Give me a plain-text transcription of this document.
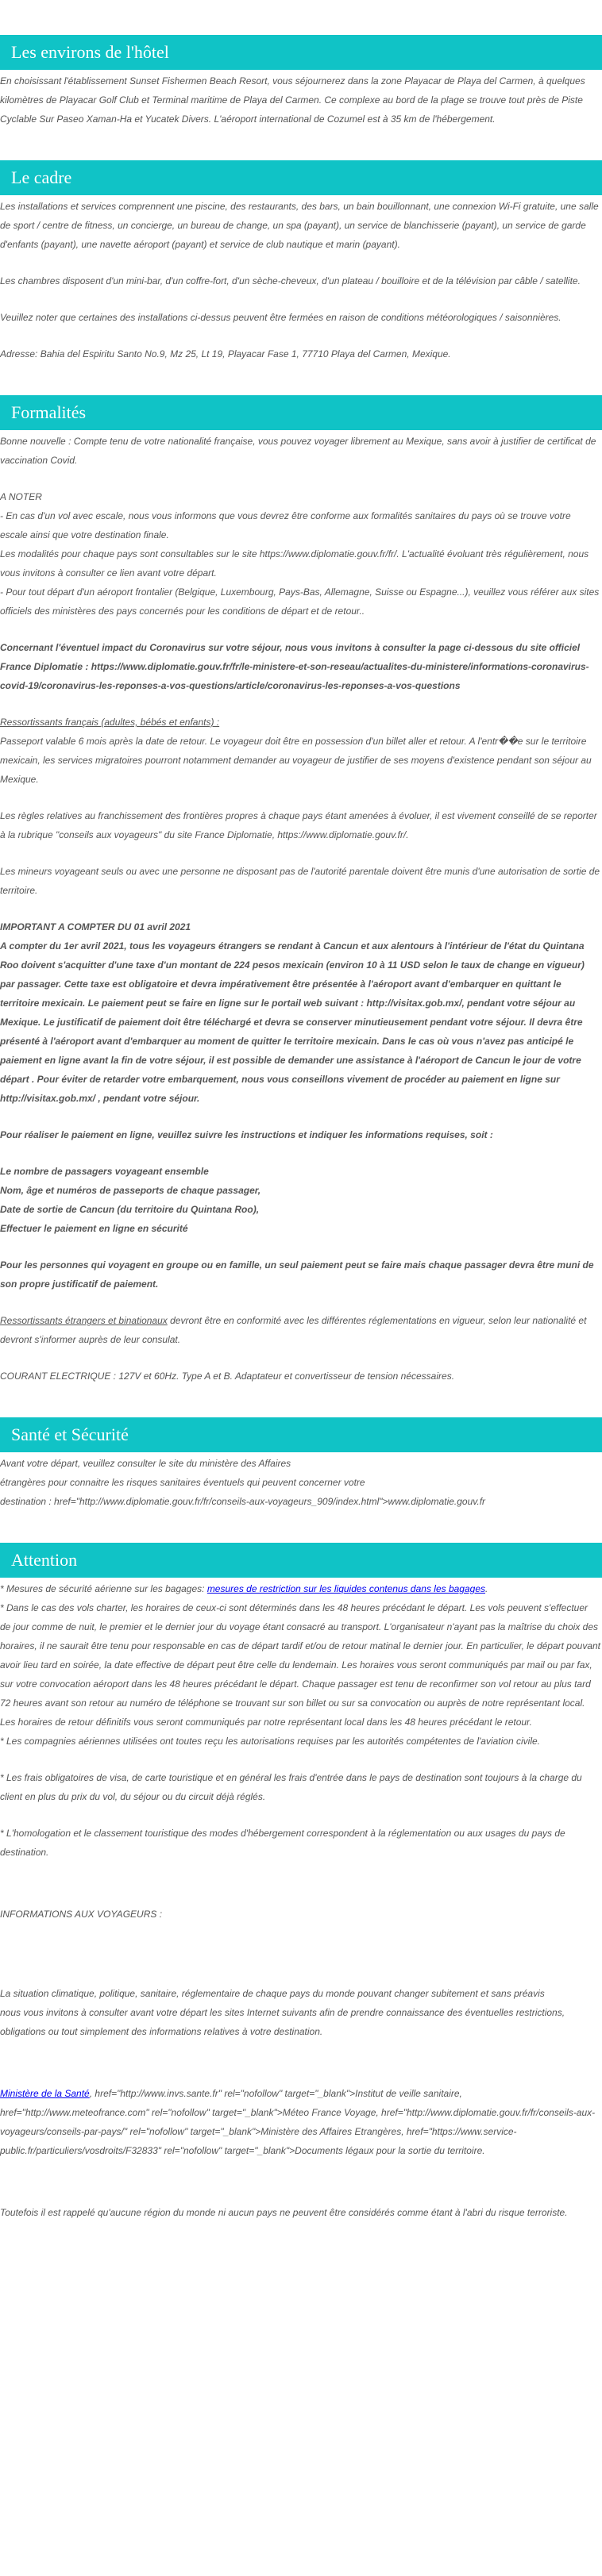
Les environs de l'hôtel

En choisissant l'établissement Sunset Fishermen Beach Resort, vous séjournerez dans la zone Playacar de Playa del Carmen, à quelques kilomètres de Playacar Golf Club et Terminal maritime de Playa del Carmen. Ce complexe au bord de la plage se trouve tout près de Piste Cyclable Sur Paseo Xaman-Ha et Yucatek Divers. L'aéroport international de Cozumel est à 35 km de l'hébergement.

Le cadre

Les installations et services comprennent une piscine, des restaurants, des bars, un bain bouillonnant, une connexion Wi-Fi gratuite, une salle de sport / centre de fitness, un concierge, un bureau de change, un spa (payant), un service de blanchisserie (payant), un service de garde d'enfants (payant), une navette aéroport (payant) et service de club nautique et marin (payant).

Les chambres disposent d'un mini-bar, d'un coffre-fort, d'un sèche-cheveux, d'un plateau / bouilloire et de la télévision par câble / satellite.

Veuillez noter que certaines des installations ci-dessus peuvent être fermées en raison de conditions météorologiques / saisonnières.

Adresse: Bahia del Espiritu Santo No.9, Mz 25, Lt 19, Playacar Fase 1, 77710 Playa del Carmen, Mexique.

Formalités

Bonne nouvelle : Compte tenu de votre nationalité française, vous pouvez voyager librement au Mexique, sans avoir à justifier de certificat de vaccination Covid.

A NOTER

- En cas d'un vol avec escale, nous vous informons que vous devrez être conforme aux formalités sanitaires du pays où se trouve votre escale ainsi que votre destination finale.

Les modalités pour chaque pays sont consultables sur le site https://www.diplomatie.gouv.fr/fr/. L'actualité évoluant très régulièrement, nous vous invitons à consulter ce lien avant votre départ.

- Pour tout départ d'un aéroport frontalier (Belgique, Luxembourg, Pays-Bas, Allemagne, Suisse ou Espagne...), veuillez vous référer aux sites officiels des ministères des pays concernés pour les conditions de départ et de retour..

Concernant l'éventuel impact du Coronavirus sur votre séjour, nous vous invitons à consulter la page ci-dessous du site officiel France Diplomatie : https://www.diplomatie.gouv.fr/fr/le-ministere-et-son-reseau/actualites-du-ministere/informations-coronavirus-covid-19/coronavirus-les-reponses-a-vos-questions/article/coronavirus-les-reponses-a-vos-questions

Ressortissants français (adultes, bébés et enfants) :

Passeport valable 6 mois après la date de retour. Le voyageur doit être en possession d'un billet aller et retour. A l'entr��e sur le territoire mexicain, les services migratoires pourront notamment demander au voyageur de justifier de ses moyens d'existence pendant son séjour au Mexique.

Les règles relatives au franchissement des frontières propres à chaque pays étant amenées à évoluer, il est vivement conseillé de se reporter à la rubrique "conseils aux voyageurs" du site France Diplomatie, https://www.diplomatie.gouv.fr/.

Les mineurs voyageant seuls ou avec une personne ne disposant pas de l'autorité parentale doivent être munis d'une autorisation de sortie de territoire.

IMPORTANT A COMPTER DU 01 avril 2021

A compter du 1er avril 2021, tous les voyageurs étrangers se rendant à Cancun et aux alentours à l'intérieur de l'état du Quintana Roo doivent s'acquitter d'une taxe d'un montant de 224 pesos mexicain (environ 10 à 11 USD selon le taux de change en vigueur) par passager. Cette taxe est obligatoire et devra impérativement être présentée à l'aéroport avant d'embarquer en quittant le territoire mexicain. Le paiement peut se faire en ligne sur le portail web suivant : http://visitax.gob.mx/, pendant votre séjour au Mexique. Le justificatif de paiement doit être téléchargé et devra se conserver minutieusement pendant votre séjour. Il devra être présenté à l'aéroport avant d'embarquer au moment de quitter le territoire mexicain. Dans le cas où vous n'avez pas anticipé le paiement en ligne avant la fin de votre séjour, il est possible de demander une assistance à l'aéroport de Cancun le jour de votre départ . Pour éviter de retarder votre embarquement, nous vous conseillons vivement de procéder au paiement en ligne sur http://visitax.gob.mx/ , pendant votre séjour.

Pour réaliser le paiement en ligne, veuillez suivre les instructions et indiquer les informations requises, soit :

Le nombre de passagers voyageant ensemble

Nom, âge et numéros de passeports de chaque passager,

Date de sortie de Cancun (du territoire du Quintana Roo),

Effectuer le paiement en ligne en sécurité

Pour les personnes qui voyagent en groupe ou en famille, un seul paiement peut se faire mais chaque passager devra être muni de son propre justificatif de paiement.

Ressortissants étrangers et binationaux devront être en conformité avec les différentes réglementations en vigueur, selon leur nationalité et devront s'informer auprès de leur consulat.

COURANT ELECTRIQUE : 127V et 60Hz. Type A et B. Adaptateur et convertisseur de tension nécessaires.

Santé et Sécurité

Avant votre départ, veuillez consulter le site du ministère des Affaires

étrangères pour connaitre les risques sanitaires éventuels qui peuvent concerner votre

destination : href="http://www.diplomatie.gouv.fr/fr/conseils-aux-voyageurs_909/index.html">www.diplomatie.gouv.fr

Attention

* Mesures de sécurité aérienne sur les bagages: mesures de restriction sur les liquides contenus dans les bagages.

* Dans le cas des vols charter, les horaires de ceux-ci sont déterminés dans les 48 heures précédant le départ. Les vols peuvent s'effectuer de jour comme de nuit, le premier et le dernier jour du voyage étant consacré au transport. L'organisateur n'ayant pas la maîtrise du choix des horaires, il ne saurait être tenu pour responsable en cas de départ tardif et/ou de retour matinal le dernier jour. En particulier, le départ pouvant avoir lieu tard en soirée, la date effective de départ peut être celle du lendemain. Les horaires vous seront communiqués par mail ou par fax, sur votre convocation aéroport dans les 48 heures précédant le départ. Chaque passager est tenu de reconfirmer son vol retour au plus tard 72 heures avant son retour au numéro de téléphone se trouvant sur son billet ou sur sa convocation ou auprès de notre représentant local. Les horaires de retour définitifs vous seront communiqués par notre représentant local dans les 48 heures précédant le retour.

* Les compagnies aériennes utilisées ont toutes reçu les autorisations requises par les autorités compétentes de l'aviation civile.

* Les frais obligatoires de visa, de carte touristique et en général les frais d'entrée dans le pays de destination sont toujours à la charge du client en plus du prix du vol, du séjour ou du circuit déjà réglés.

* L'homologation et le classement touristique des modes d'hébergement correspondent à la réglementation ou aux usages du pays de destination.

INFORMATIONS AUX VOYAGEURS :

La situation climatique, politique, sanitaire, réglementaire de chaque pays du monde pouvant changer subitement et sans préavis

nous vous invitons à consulter avant votre départ les sites Internet suivants afin de prendre connaissance des éventuelles restrictions, obligations ou tout simplement des informations relatives à votre destination.

Ministère de la Santé, href="http://www.invs.sante.fr" rel="nofollow" target="_blank">Institut de veille sanitaire, href="http://www.meteofrance.com" rel="nofollow" target="_blank">Méteo France Voyage, href="http://www.diplomatie.gouv.fr/fr/conseils-aux-voyageurs/conseils-par-pays/" rel="nofollow" target="_blank">Ministère des Affaires Etrangères, href="https://www.service-public.fr/particuliers/vosdroits/F32833" rel="nofollow" target="_blank">Documents légaux pour la sortie du territoire.

Toutefois il est rappelé qu'aucune région du monde ni aucun pays ne peuvent être considérés comme étant à l'abri du risque terroriste.
